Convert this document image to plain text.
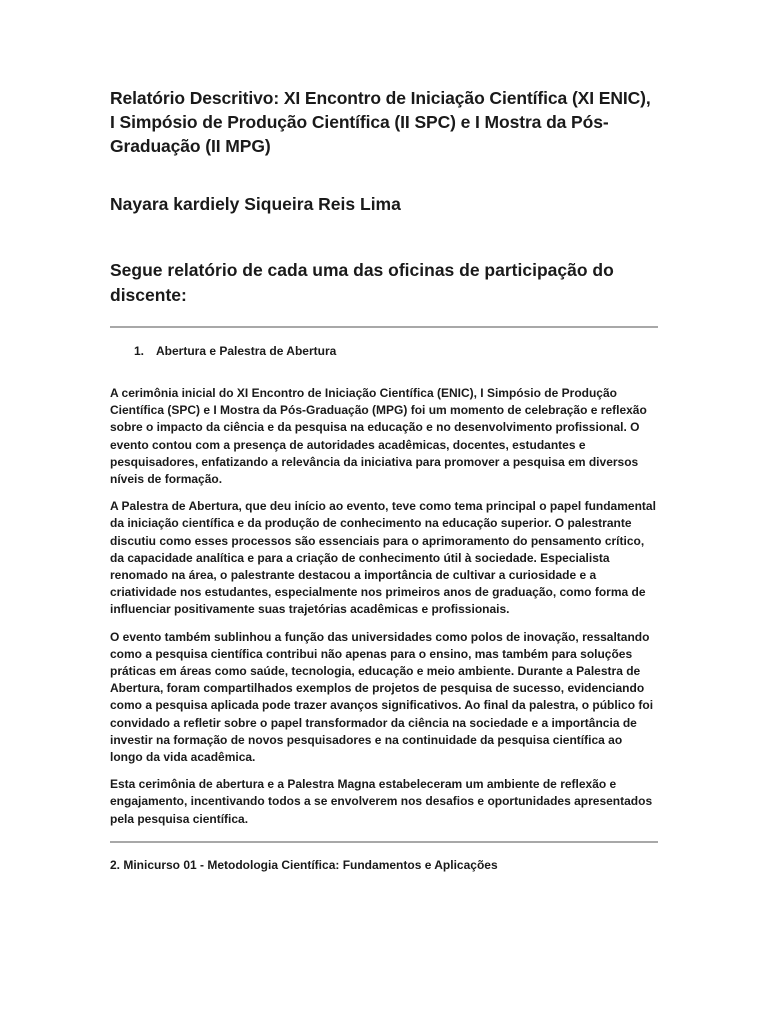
Relatório Descritivo: XI Encontro de Iniciação Científica (XI ENIC), I Simpósio de Produção Científica (II SPC) e I Mostra da Pós-Graduação (II MPG)
Nayara kardiely Siqueira Reis Lima
Segue relatório de cada uma das oficinas de participação do discente:
1. Abertura e Palestra de Abertura

A cerimônia inicial do XI Encontro de Iniciação Científica (ENIC), I Simpósio de Produção Científica (SPC) e I Mostra da Pós-Graduação (MPG) foi um momento de celebração e reflexão sobre o impacto da ciência e da pesquisa na educação e no desenvolvimento profissional. O evento contou com a presença de autoridades acadêmicas, docentes, estudantes e pesquisadores, enfatizando a relevância da iniciativa para promover a pesquisa em diversos níveis de formação.

A Palestra de Abertura, que deu início ao evento, teve como tema principal o papel fundamental da iniciação científica e da produção de conhecimento na educação superior. O palestrante discutiu como esses processos são essenciais para o aprimoramento do pensamento crítico, da capacidade analítica e para a criação de conhecimento útil à sociedade. Especialista renomado na área, o palestrante destacou a importância de cultivar a curiosidade e a criatividade nos estudantes, especialmente nos primeiros anos de graduação, como forma de influenciar positivamente suas trajetórias acadêmicas e profissionais.

O evento também sublinhou a função das universidades como polos de inovação, ressaltando como a pesquisa científica contribui não apenas para o ensino, mas também para soluções práticas em áreas como saúde, tecnologia, educação e meio ambiente. Durante a Palestra de Abertura, foram compartilhados exemplos de projetos de pesquisa de sucesso, evidenciando como a pesquisa aplicada pode trazer avanços significativos. Ao final da palestra, o público foi convidado a refletir sobre o papel transformador da ciência na sociedade e a importância de investir na formação de novos pesquisadores e na continuidade da pesquisa científica ao longo da vida acadêmica.

Esta cerimônia de abertura e a Palestra Magna estabeleceram um ambiente de reflexão e engajamento, incentivando todos a se envolverem nos desafios e oportunidades apresentados pela pesquisa científica.

2. Minicurso 01 - Metodologia Científica: Fundamentos e Aplicações
